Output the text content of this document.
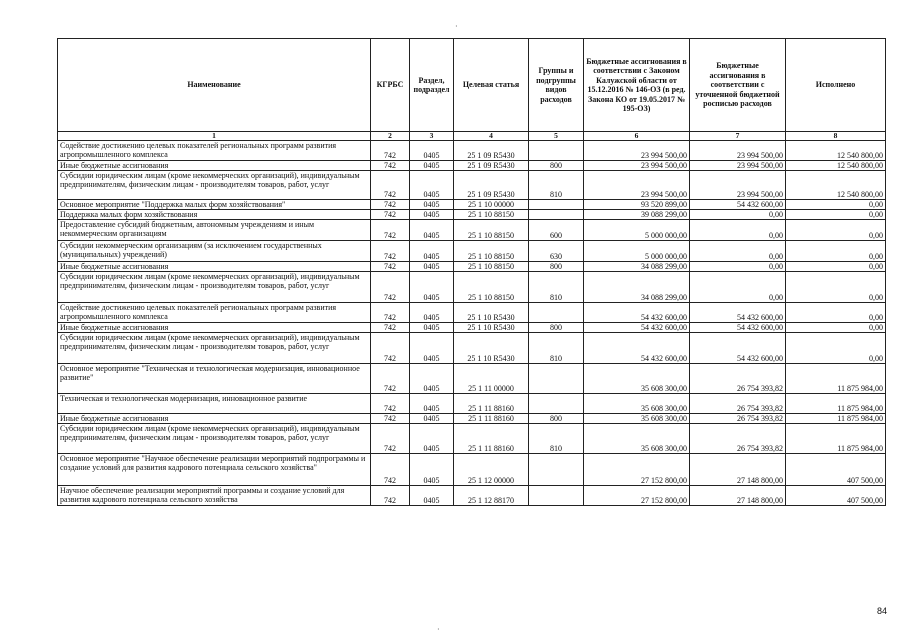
·
Наименование	КГРБС	Раздел, подраздел	Целевая статья	Группы и подгруппы видов расходов	Бюджетные ассигнования в соответствии с Законом Калужской области от 15.12.2016 № 146-ОЗ (в ред. Закона КО от 19.05.2017 № 195-ОЗ)	Бюджетные ассигнования в соответствии с уточненной бюджетной росписью расходов	Исполнено
1	2	3	4	5	6	7	8
Содействие достижению целевых показателей региональных программ развития агропромышленного комплекса	742	0405	25 1 09 R5430		23 994 500,00	23 994 500,00	12 540 800,00
Иные бюджетные ассигнования	742	0405	25 1 09 R5430	800	23 994 500,00	23 994 500,00	12 540 800,00
Субсидии юридическим лицам (кроме некоммерческих организаций), индивидуальным предпринимателям, физическим лицам - производителям товаров, работ, услуг	742	0405	25 1 09 R5430	810	23 994 500,00	23 994 500,00	12 540 800,00
Основное мероприятие "Поддержка малых форм хозяйствования"	742	0405	25 1 10 00000		93 520 899,00	54 432 600,00	0,00
Поддержка малых форм хозяйствования	742	0405	25 1 10 88150		39 088 299,00	0,00	0,00
Предоставление субсидий бюджетным, автономным учреждениям и иным некоммерческим организациям	742	0405	25 1 10 88150	600	5 000 000,00	0,00	0,00
Субсидии некоммерческим организациям (за исключением государственных (муниципальных) учреждений)	742	0405	25 1 10 88150	630	5 000 000,00	0,00	0,00
Иные бюджетные ассигнования	742	0405	25 1 10 88150	800	34 088 299,00	0,00	0,00
Субсидии юридическим лицам (кроме некоммерческих организаций), индивидуальным предпринимателям, физическим лицам - производителям товаров, работ, услуг	742	0405	25 1 10 88150	810	34 088 299,00	0,00	0,00
Содействие достижению целевых показателей региональных программ развития агропромышленного комплекса	742	0405	25 1 10 R5430		54 432 600,00	54 432 600,00	0,00
Иные бюджетные ассигнования	742	0405	25 1 10 R5430	800	54 432 600,00	54 432 600,00	0,00
Субсидии юридическим лицам (кроме некоммерческих организаций), индивидуальным предпринимателям, физическим лицам - производителям товаров, работ, услуг	742	0405	25 1 10 R5430	810	54 432 600,00	54 432 600,00	0,00
Основное мероприятие "Техническая и технологическая модернизация, инновационное развитие"	742	0405	25 1 11 00000		35 608 300,00	26 754 393,82	11 875 984,00
Техническая и технологическая модернизация, инновационное развитие	742	0405	25 1 11 88160		35 608 300,00	26 754 393,82	11 875 984,00
Иные бюджетные ассигнования	742	0405	25 1 11 88160	800	35 608 300,00	26 754 393,82	11 875 984,00
Субсидии юридическим лицам (кроме некоммерческих организаций), индивидуальным предпринимателям, физическим лицам - производителям товаров, работ, услуг	742	0405	25 1 11 88160	810	35 608 300,00	26 754 393,82	11 875 984,00
Основное мероприятие "Научное обеспечение реализации мероприятий подпрограммы и создание условий для развития кадрового потенциала сельского хозяйства"	742	0405	25 1 12 00000		27 152 800,00	27 148 800,00	407 500,00
Научное обеспечение реализации мероприятий программы и создание условий для развития кадрового потенциала сельского хозяйства	742	0405	25 1 12 88170		27 152 800,00	27 148 800,00	407 500,00
·
84
